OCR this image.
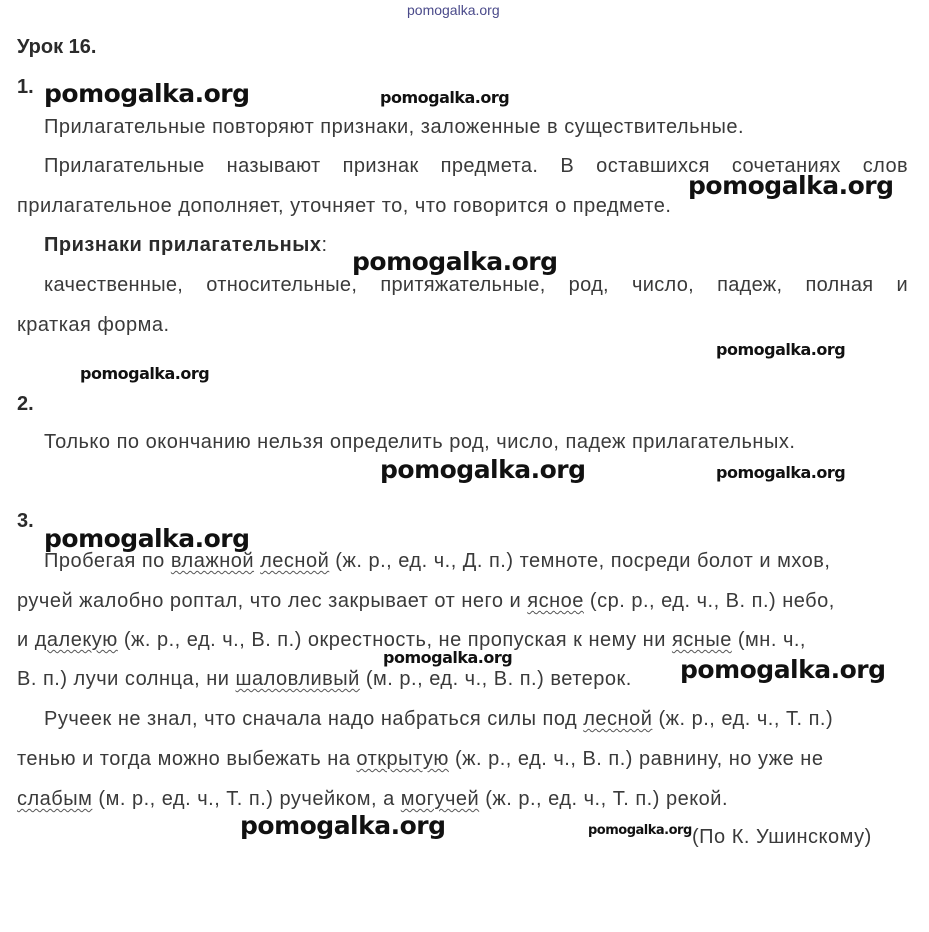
pomogalka.org
Урок 16.
1.
Прилагательные повторяют признаки, заложенные в существительные.
Прилагательные называют признак предмета. В оставшихся сочетаниях слов
прилагательное дополняет, уточняет то, что говорится о предмете.
Признаки прилагательных:
качественные, относительные, притяжательные, род, число, падеж, полная и
краткая форма.
2.
Только по окончанию нельзя определить род, число, падеж прилагательных.
3.
Пробегая по влажной лесной (ж. р., ед. ч., Д. п.) темноте, посреди болот и мхов,
ручей жалобно роптал, что лес закрывает от него и ясное (ср. р., ед. ч., В. п.) небо,
и далекую (ж. р., ед. ч., В. п.) окрестность, не пропуская к нему ни ясные (мн. ч.,
В. п.) лучи солнца, ни шаловливый (м. р., ед. ч., В. п.) ветерок.
Ручеек не знал, что сначала надо набраться силы под лесной (ж. р., ед. ч., Т. п.)
тенью и тогда можно выбежать на открытую (ж. р., ед. ч., В. п.) равнину, но уже не
слабым (м. р., ед. ч., Т. п.) ручейком, а могучей (ж. р., ед. ч., Т. п.) рекой.
(По К. Ушинскому)
pomogalka.org	pomogalka.org
pomogalka.org
pomogalka.org
pomogalka.org
pomogalka.org
pomogalka.org	pomogalka.org
pomogalka.org
pomogalka.org	pomogalka.org
pomogalka.org	pomogalka.org
